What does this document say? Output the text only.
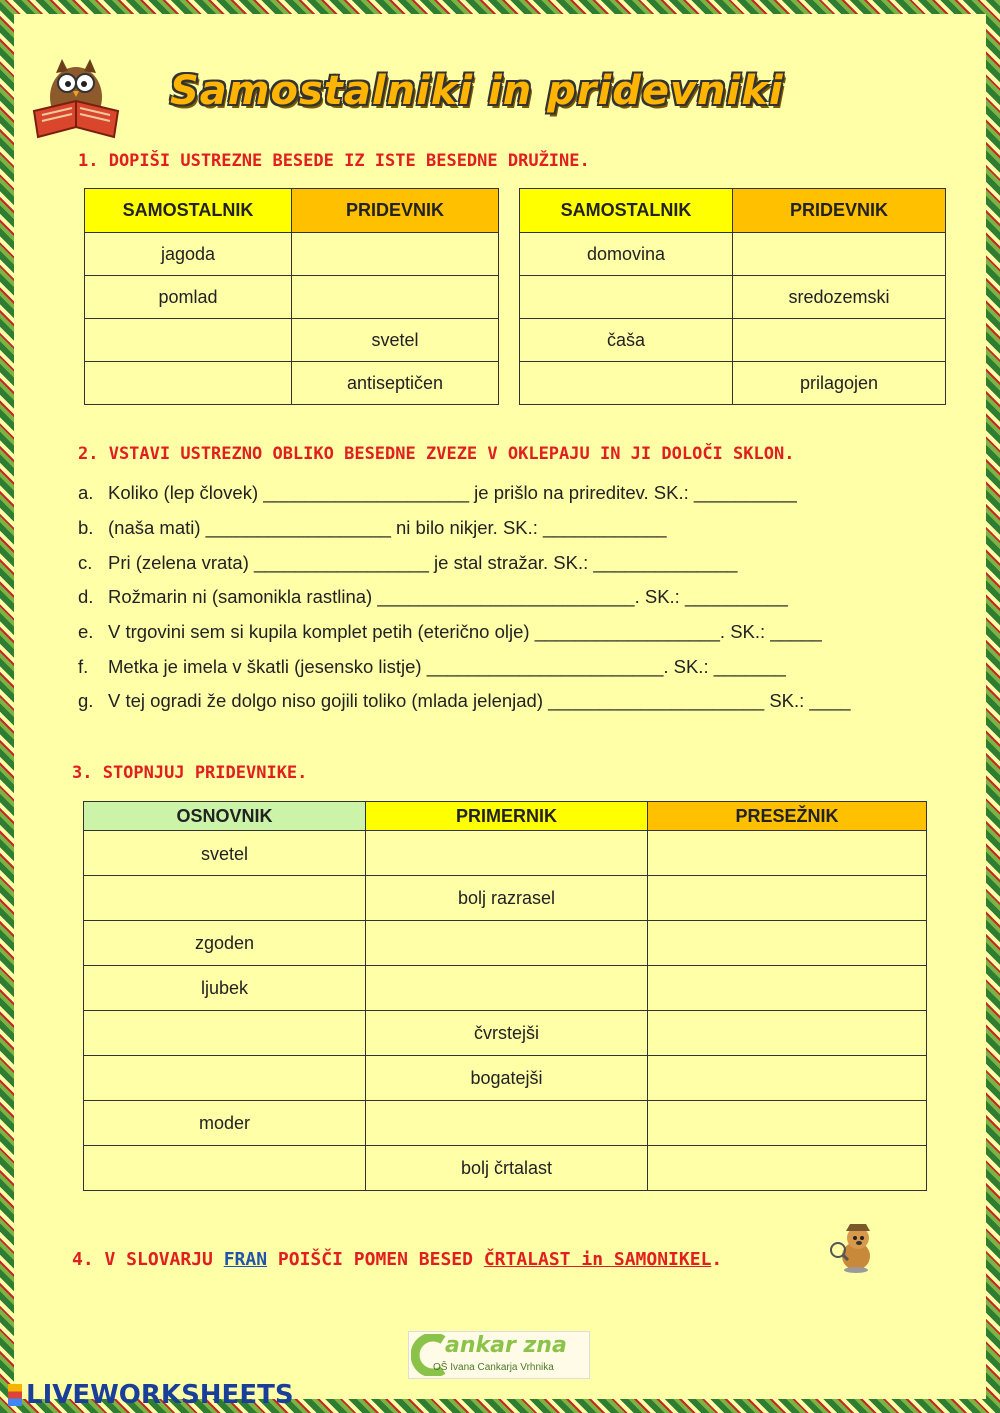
Samostalniki in pridevniki
1. DOPIŠI USTREZNE BESEDE IZ ISTE BESEDNE DRUŽINE.
SAMOSTALNIK	PRIDEVNIK
jagoda	
pomlad	
	svetel
	antiseptičen
SAMOSTALNIK	PRIDEVNIK
domovina	
	sredozemski
čaša	
	prilagojen
2. VSTAVI USTREZNO OBLIKO BESEDNE ZVEZE V OKLEPAJU IN JI DOLOČI SKLON.
a. Koliko (lep človek) ____________________ je prišlo na prireditev. SK.: __________
b. (naša mati) __________________ ni bilo nikjer. SK.: ____________
c. Pri (zelena vrata) _________________ je stal stražar. SK.: ______________
d. Rožmarin ni (samonikla rastlina) _________________________. SK.: __________
e. V trgovini sem si kupila komplet petih (eterično olje) __________________. SK.: _____
f. Metka je imela v škatli (jesensko listje) _______________________. SK.: _______
g. V tej ogradi že dolgo niso gojili toliko (mlada jelenjad) _____________________ SK.: ____
3. STOPNJUJ PRIDEVNIKE.
OSNOVNIK	PRIMERNIK	PRESEŽNIK
svetel		
	bolj razrasel	
zgoden		
ljubek		
	čvrstejši	
	bogatejši	
moder		
	bolj črtalast	
4. V SLOVARJU FRAN POIŠČI POMEN BESED ČRTALAST in SAMONIKEL.
ankar zna
OŠ Ivana Cankarja Vrhnika
LIVEWORKSHEETS
